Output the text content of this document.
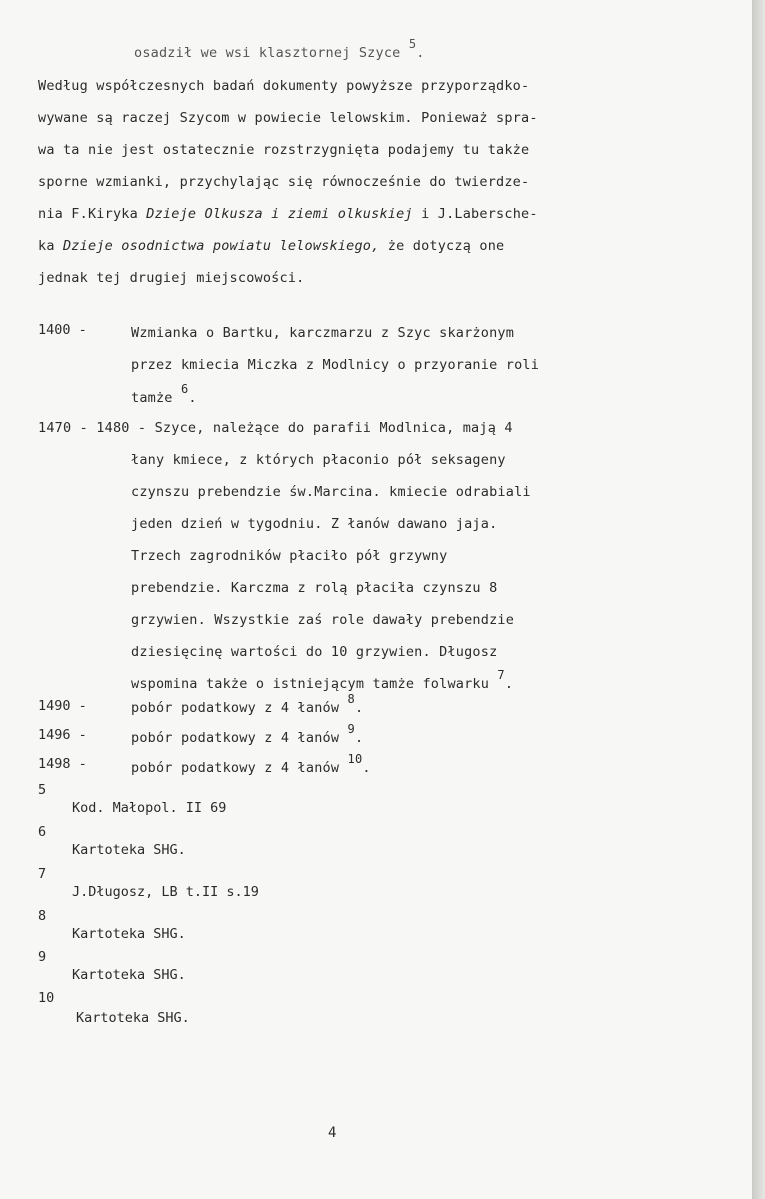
osadził we wsi klasztornej Szyce 5.
Według współczesnych badań dokumenty powyższe przyporządko-
wywane są raczej Szycom w powiecie lelowskim. Ponieważ spra-
wa ta nie jest ostatecznie rozstrzygnięta podajemy tu także
sporne wzmianki, przychylając się równocześnie do twierdze-
nia F.Kiryka Dzieje Olkusza i ziemi olkuskiej i J.Laberschе-
ka Dzieje osodnictwa powiatu lelowskiego, że dotyczą one
jednak tej drugiej miejscowości.
1400 -	Wzmianka o Bartku, karczmarzu z Szyc skarżonym
przez kmiecia Miczka z Modlnicy o przyoranie roli
tamże 6.
1470 - 1480 - Szyce, należące do parafii Modlnica, mają 4
łany kmiece, z których płaconio pół seksageny
czynszu prebendzie św.Marcina. kmiecie odrabiali
jeden dzień w tygodniu. Z łanów dawano jaja.
Trzech zagrodników płaciło pół grzywny
prebendzie. Karczma z rolą płaciła czynszu 8
grzywien. Wszystkie zaś role dawały prebendzie
dziesięcinę wartości do 10 grzywien. Długosz
wspomina także o istniejącym tamże folwarku 7.
1490 -	pobór podatkowy z 4 łanów 8.
1496 -	pobór podatkowy z 4 łanów 9.
1498 -	pobór podatkowy z 4 łanów 10.
5
Kod. Małopol. II 69
6
Kartoteka SHG.
7
J.Długosz, LB t.II s.19
8
Kartoteka SHG.
9
Kartoteka SHG.
10
Kartoteka SHG.
4
